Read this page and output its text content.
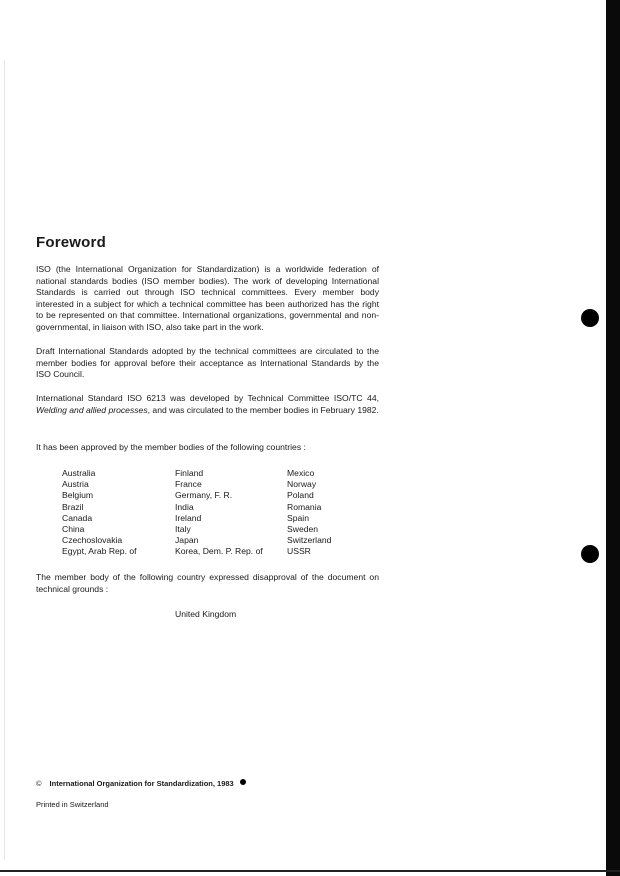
Foreword

ISO (the International Organization for Standardization) is a worldwide federation of national standards bodies (ISO member bodies). The work of developing International Standards is carried out through ISO technical committees. Every member body interested in a subject for which a technical committee has been authorized has the right to be represented on that committee. International organizations, governmental and non-governmental, in liaison with ISO, also take part in the work.

Draft International Standards adopted by the technical committees are circulated to the member bodies for approval before their acceptance as International Standards by the ISO Council.

International Standard ISO 6213 was developed by Technical Committee ISO/TC 44, Welding and allied processes, and was circulated to the member bodies in February 1982.

It has been approved by the member bodies of the following countries :

Australia
Austria
Belgium
Brazil
Canada
China
Czechoslovakia
Egypt, Arab Rep. of
Finland
France
Germany, F. R.
India
Ireland
Italy
Japan
Korea, Dem. P. Rep. of
Mexico
Norway
Poland
Romania
Spain
Sweden
Switzerland
USSR

The member body of the following country expressed disapproval of the document on technical grounds :

United Kingdom
© International Organization for Standardization, 1983
Printed in Switzerland
